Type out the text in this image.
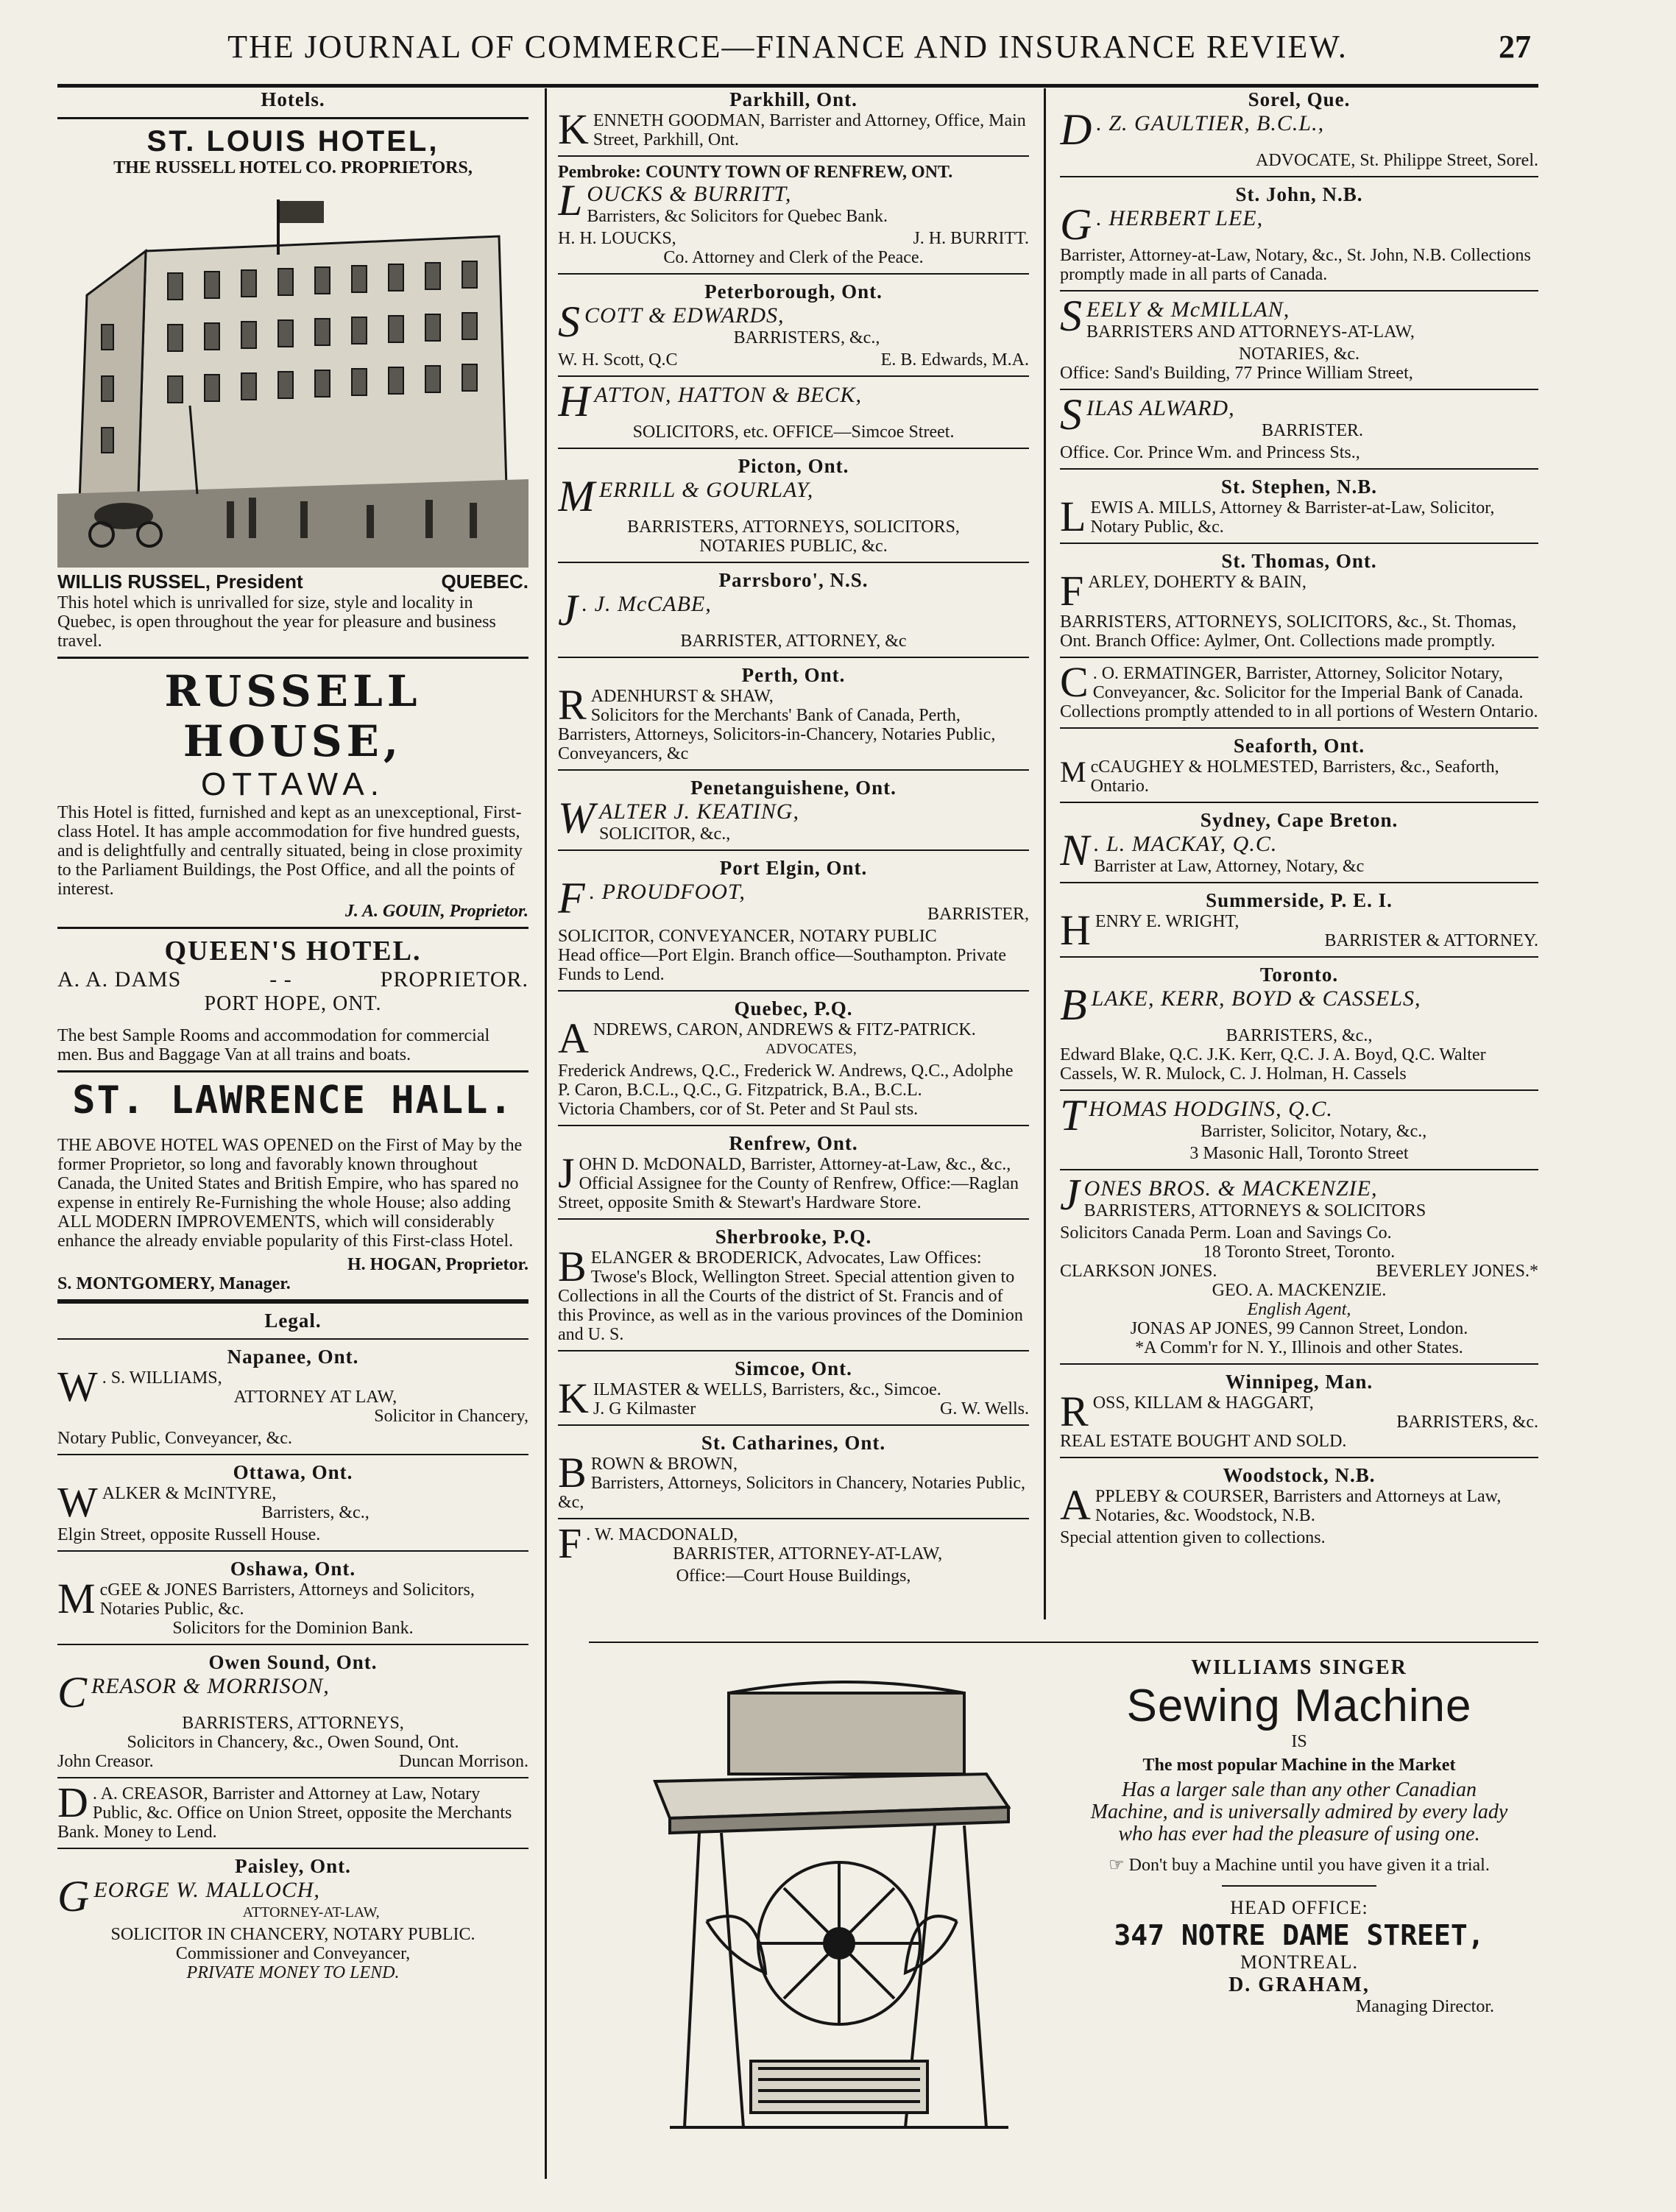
THE JOURNAL OF COMMERCE—FINANCE AND INSURANCE REVIEW.	27
Hotels.
ST. LOUIS HOTEL,
THE RUSSELL HOTEL CO. PROPRIETORS,
WILLIS RUSSEL, President	QUEBEC.
This hotel which is unrivalled for size, style and locality in Quebec, is open throughout the year for pleasure and business travel.
RUSSELL HOUSE,
OTTAWA.
This Hotel is fitted, furnished and kept as an unexceptional, First-class Hotel. It has ample accommodation for five hundred guests, and is delightfully and centrally situated, being in close proximity to the Parliament Buildings, the Post Office, and all the points of interest.
J. A. GOUIN, Proprietor.
QUEEN'S HOTEL.
A. A. DAMS	- -	PROPRIETOR.
PORT HOPE, ONT.
The best Sample Rooms and accommodation for commercial men. Bus and Baggage Van at all trains and boats.
ST. LAWRENCE HALL.
THE ABOVE HOTEL WAS OPENED on the First of May by the former Proprietor, so long and favorably known throughout Canada, the United States and British Empire, who has spared no expense in entirely Re-Furnishing the whole House; also adding ALL MODERN IMPROVEMENTS, which will considerably enhance the already enviable popularity of this First-class Hotel.
H. HOGAN, Proprietor.
S. MONTGOMERY, Manager.
Legal.
Napanee, Ont.
W . S. WILLIAMS,
ATTORNEY AT LAW,
Solicitor in Chancery,
Notary Public, Conveyancer, &c.
Ottawa, Ont.
W ALKER & McINTYRE,
Barristers, &c.,
Elgin Street, opposite Russell House.
Oshawa, Ont.
M cGEE & JONES Barristers, Attorneys and Solicitors, Notaries Public, &c.
Solicitors for the Dominion Bank.
Owen Sound, Ont.
C REASOR & MORRISON,
BARRISTERS, ATTORNEYS,
Solicitors in Chancery, &c., Owen Sound, Ont.
John Creasor.	Duncan Morrison.
D . A. CREASOR, Barrister and Attorney at Law, Notary Public, &c. Office on Union Street, opposite the Merchants Bank. Money to Lend.
Paisley, Ont.
G EORGE W. MALLOCH,
ATTORNEY-AT-LAW,
SOLICITOR IN CHANCERY, NOTARY PUBLIC.
Commissioner and Conveyancer,
PRIVATE MONEY TO LEND.
Parkhill, Ont.
K ENNETH GOODMAN, Barrister and Attorney, Office, Main Street, Parkhill, Ont.
Pembroke: COUNTY TOWN OF RENFREW, ONT.
L OUCKS & BURRITT,
Barristers, &c Solicitors for Quebec Bank.
H. H. LOUCKS,	J. H. BURRITT.
Co. Attorney and Clerk of the Peace.
Peterborough, Ont.
S COTT & EDWARDS,
BARRISTERS, &c.,
W. H. Scott, Q.C	E. B. Edwards, M.A.
H ATTON, HATTON & BECK,
SOLICITORS, etc. OFFICE—Simcoe Street.
Picton, Ont.
M ERRILL & GOURLAY,
BARRISTERS, ATTORNEYS, SOLICITORS,
NOTARIES PUBLIC, &c.
Parrsboro', N.S.
J . J. McCABE,
BARRISTER, ATTORNEY, &c
Perth, Ont.
R ADENHURST & SHAW,
Solicitors for the Merchants' Bank of Canada, Perth, Barristers, Attorneys, Solicitors-in-Chancery, Notaries Public, Conveyancers, &c
Penetanguishene, Ont.
W ALTER J. KEATING,
SOLICITOR, &c.,
Port Elgin, Ont.
F . PROUDFOOT,
BARRISTER,
SOLICITOR, CONVEYANCER, NOTARY PUBLIC
Head office—Port Elgin. Branch office—Southampton. Private Funds to Lend.
Quebec, P.Q.
A NDREWS, CARON, ANDREWS & FITZ-PATRICK.
ADVOCATES,
Frederick Andrews, Q.C., Frederick W. Andrews, Q.C., Adolphe P. Caron, B.C.L., Q.C., G. Fitzpatrick, B.A., B.C.L.
Victoria Chambers, cor of St. Peter and St Paul sts.
Renfrew, Ont.
J OHN D. McDONALD, Barrister, Attorney-at-Law, &c., &c., Official Assignee for the County of Renfrew, Office:—Raglan Street, opposite Smith & Stewart's Hardware Store.
Sherbrooke, P.Q.
B ELANGER & BRODERICK, Advocates, Law Offices: Twose's Block, Wellington Street. Special attention given to Collections in all the Courts of the district of St. Francis and of this Province, as well as in the various provinces of the Dominion and U. S.
Simcoe, Ont.
K ILMASTER & WELLS, Barristers, &c., Simcoe.
J. G Kilmaster	G. W. Wells.
St. Catharines, Ont.
B ROWN & BROWN,
Barristers, Attorneys, Solicitors in Chancery, Notaries Public, &c,
F . W. MACDONALD,
BARRISTER, ATTORNEY-AT-LAW,
Office:—Court House Buildings,
Sorel, Que.
D . Z. GAULTIER, B.C.L.,
ADVOCATE, St. Philippe Street, Sorel.
St. John, N.B.
G . HERBERT LEE,
Barrister, Attorney-at-Law, Notary, &c., St. John, N.B. Collections promptly made in all parts of Canada.
S EELY & McMILLAN,
BARRISTERS AND ATTORNEYS-AT-LAW,
NOTARIES, &c.
Office: Sand's Building, 77 Prince William Street,
S ILAS ALWARD,
BARRISTER.
Office. Cor. Prince Wm. and Princess Sts.,
St. Stephen, N.B.
L EWIS A. MILLS, Attorney & Barrister-at-Law, Solicitor, Notary Public, &c.
St. Thomas, Ont.
F ARLEY, DOHERTY & BAIN,
BARRISTERS, ATTORNEYS, SOLICITORS, &c., St. Thomas, Ont. Branch Office: Aylmer, Ont. Collections made promptly.
C . O. ERMATINGER, Barrister, Attorney, Solicitor Notary, Conveyancer, &c. Solicitor for the Imperial Bank of Canada. Collections promptly attended to in all portions of Western Ontario.
Seaforth, Ont.
M cCAUGHEY & HOLMESTED, Barristers, &c., Seaforth, Ontario.
Sydney, Cape Breton.
N . L. MACKAY, Q.C.
Barrister at Law, Attorney, Notary, &c
Summerside, P. E. I.
H ENRY E. WRIGHT,
BARRISTER & ATTORNEY.
Toronto.
B LAKE, KERR, BOYD & CASSELS,
BARRISTERS, &c.,
Edward Blake, Q.C. J.K. Kerr, Q.C. J. A. Boyd, Q.C. Walter Cassels, W. R. Mulock, C. J. Holman, H. Cassels
T HOMAS HODGINS, Q.C.
Barrister, Solicitor, Notary, &c.,
3 Masonic Hall, Toronto Street
J ONES BROS. & MACKENZIE,
BARRISTERS, ATTORNEYS & SOLICITORS
Solicitors Canada Perm. Loan and Savings Co.
18 Toronto Street, Toronto.
CLARKSON JONES.	BEVERLEY JONES.*
GEO. A. MACKENZIE.
English Agent,
JONAS AP JONES, 99 Cannon Street, London.
*A Comm'r for N. Y., Illinois and other States.
Winnipeg, Man.
R OSS, KILLAM & HAGGART,
BARRISTERS, &c.
REAL ESTATE BOUGHT AND SOLD.
Woodstock, N.B.
A PPLEBY & COURSER, Barristers and Attorneys at Law, Notaries, &c. Woodstock, N.B.
Special attention given to collections.
WILLIAMS SINGER
Sewing Machine
IS
The most popular Machine in the Market
Has a larger sale than any other Canadian Machine, and is universally admired by every lady who has ever had the pleasure of using one.
☞ Don't buy a Machine until you have given it a trial.
HEAD OFFICE:
347 NOTRE DAME STREET,
MONTREAL.
D. GRAHAM,
Managing Director.
